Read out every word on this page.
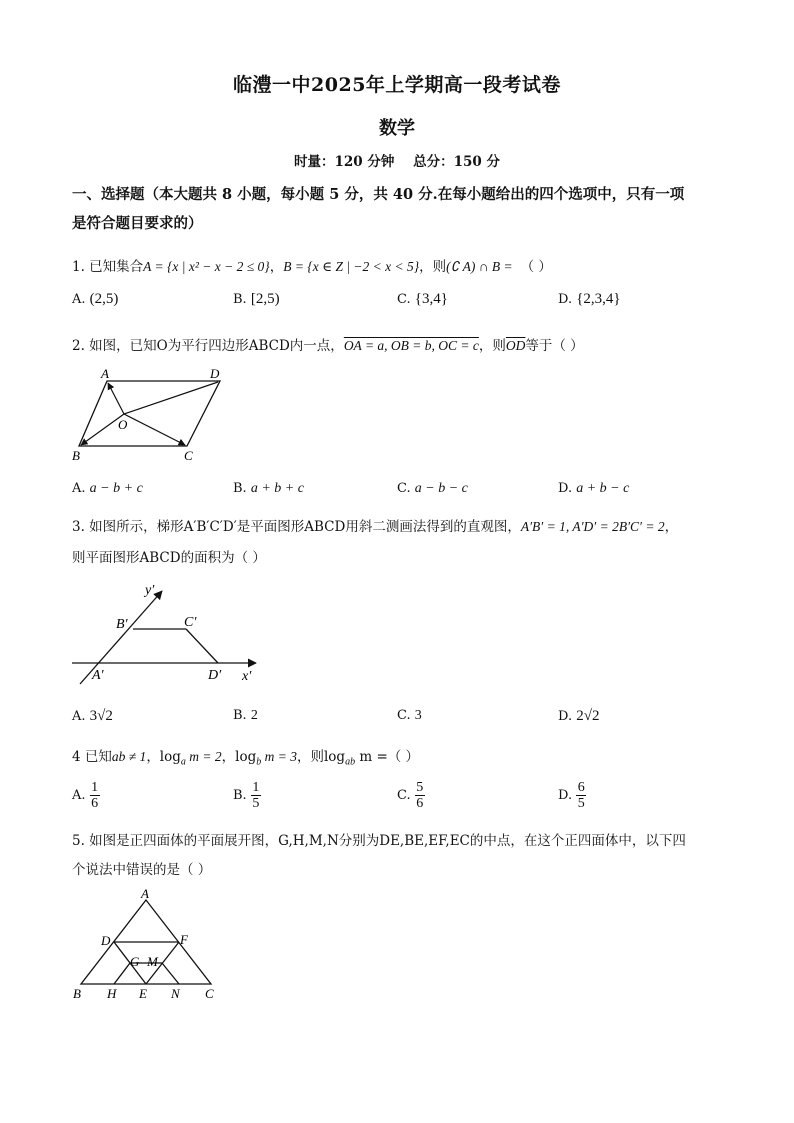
临澧一中2025年上学期高一段考试卷
数学
时量：120 分钟    总分：150 分
一、选择题（本大题共 8 小题，每小题 5 分，共 40 分.在每小题给出的四个选项中，只有一项
是符合题目要求的）
1. 已知集合A = {x | x² − x − 2 ≤ 0}，B = {x ∈ Z | −2 < x < 5}，则(∁ A) ∩ B = （ ）
A. (2,5)	B. [2,5)	C. {3,4}	D. {2,3,4}
2. 如图，已知O为平行四边形ABCD内一点，OA = a, OB = b, OC = c，则$\overline{OD}$等于（ ）
A	D
B	C
O
A. a − b + c	B. a + b + c	C. a − b − c	D. a + b − c
3. 如图所示，梯形A′B′C′D′是平面图形ABCD用斜二测画法得到的直观图，A′B′ = 1, A′D′ = 2B′C′ = 2，
则平面图形ABCD的面积为（ ）
y′
x′
B′	C′
A′	D′
A. 3√2	B. 2	C. 3	D. 2√2
4 已知ab ≠ 1，$\log_a m = 2$，$\log_b m = 3$，则$\log_{ab} m$ =（ ）
A. $\frac{1}{6}$	B. $\frac{1}{5}$	C. $\frac{5}{6}$	D. $\frac{6}{5}$
5. 如图是正四面体的平面展开图，G,H,M,N分别为DE,BE,EF,EC的中点，在这个正四面体中，以下四
个说法中错误的是（ ）
A
D	F
G M
B H E N C
